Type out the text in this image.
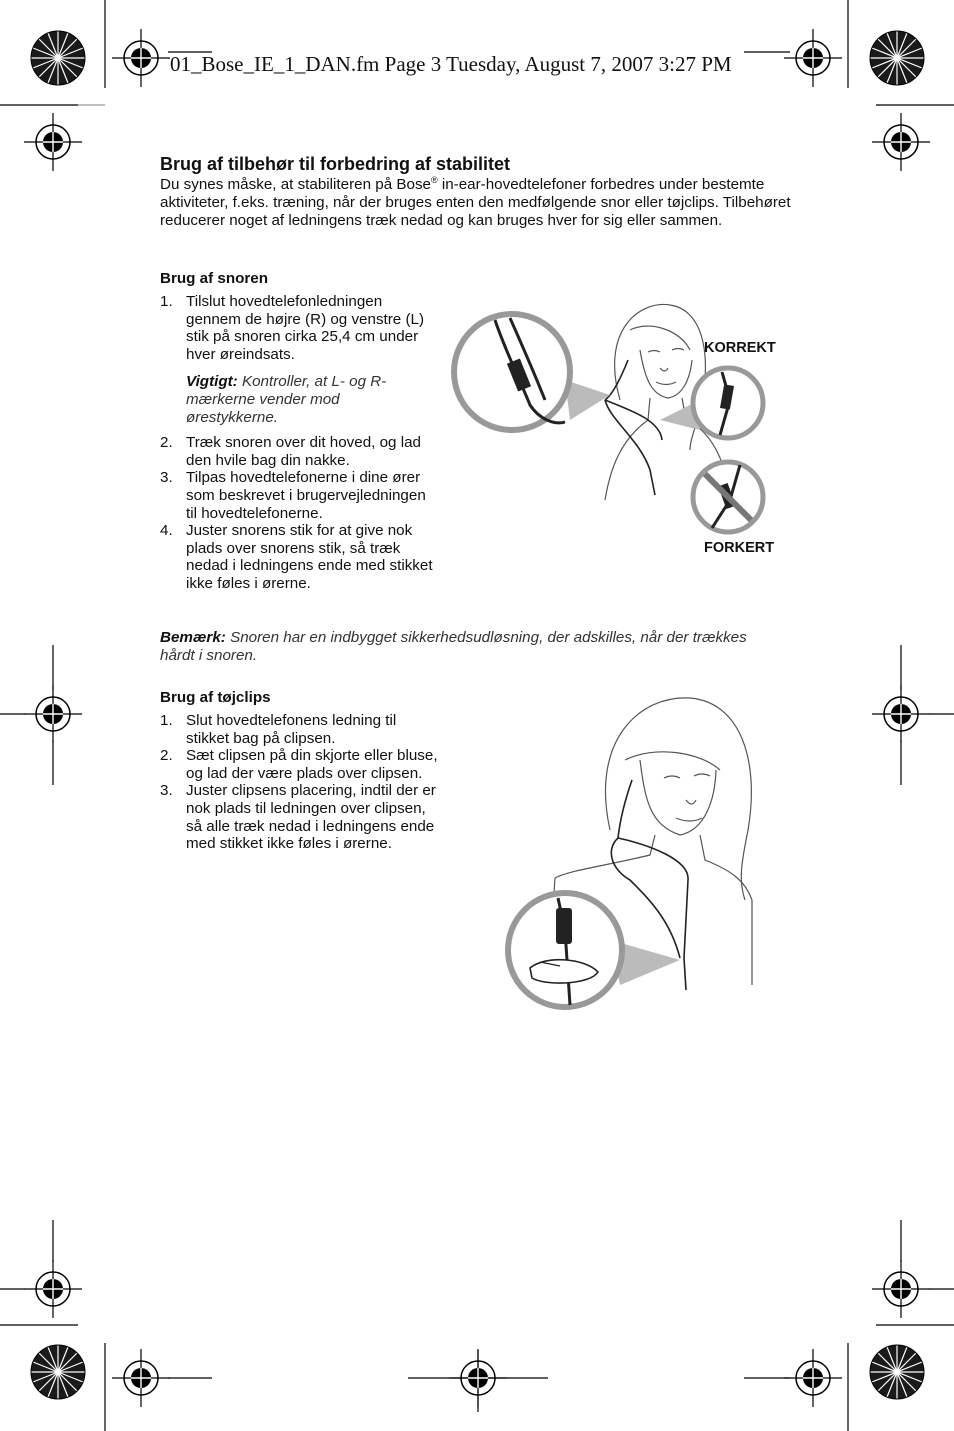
01_Bose_IE_1_DAN.fm Page 3 Tuesday, August 7, 2007 3:27 PM
Brug af tilbehør til forbedring af stabilitet
Du synes måske, at stabiliteren på Bose® in-ear-hovedtelefoner forbedres under bestemte aktiviteter, f.eks. træning, når der bruges enten den medfølgende snor eller tøjclips. Tilbehøret reducerer noget af ledningens træk nedad og kan bruges hver for sig eller sammen.
Brug af snoren
1. Tilslut hovedtelefonledningen gennem de højre (R) og venstre (L) stik på snoren cirka 25,4 cm under hver øreindsats.
Vigtigt: Kontroller, at L- og R-mærkerne vender mod ørestykkerne.
2. Træk snoren over dit hoved, og lad den hvile bag din nakke.
3. Tilpas hovedtelefonerne i dine ører som beskrevet i brugervejledningen til hovedtelefonerne.
4. Juster snorens stik for at give nok plads over snorens stik, så træk nedad i ledningens ende med stikket ikke føles i ørerne.
KORREKT
FORKERT
Bemærk: Snoren har en indbygget sikkerhedsudløsning, der adskilles, når der trækkes hårdt i snoren.
Brug af tøjclips
1. Slut hovedtelefonens ledning til stikket bag på clipsen.
2. Sæt clipsen på din skjorte eller bluse, og lad der være plads over clipsen.
3. Juster clipsens placering, indtil der er nok plads til ledningen over clipsen, så alle træk nedad i ledningens ende med stikket ikke føles i ørerne.
